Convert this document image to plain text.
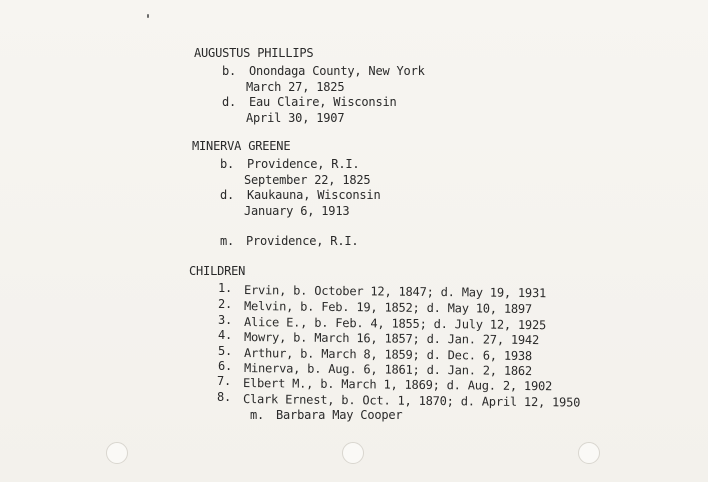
AUGUSTUS PHILLIPS
b. Onondaga County, New York
March 27, 1825
d. Eau Claire, Wisconsin
April 30, 1907
MINERVA GREENE
b. Providence, R.I.
September 22, 1825
d. Kaukauna, Wisconsin
January 6, 1913
m. Providence, R.I.
CHILDREN
1. Ervin, b. October 12, 1847; d. May 19, 1931
2. Melvin, b. Feb. 19, 1852; d. May 10, 1897
3. Alice E., b. Feb. 4, 1855; d. July 12, 1925
4. Mowry, b. March 16, 1857; d. Jan. 27, 1942
5. Arthur, b. March 8, 1859; d. Dec. 6, 1938
6. Minerva, b. Aug. 6, 1861; d. Jan. 2, 1862
7. Elbert M., b. March 1, 1869; d. Aug. 2, 1902
8. Clark Ernest, b. Oct. 1, 1870; d. April 12, 1950
m. Barbara May Cooper
